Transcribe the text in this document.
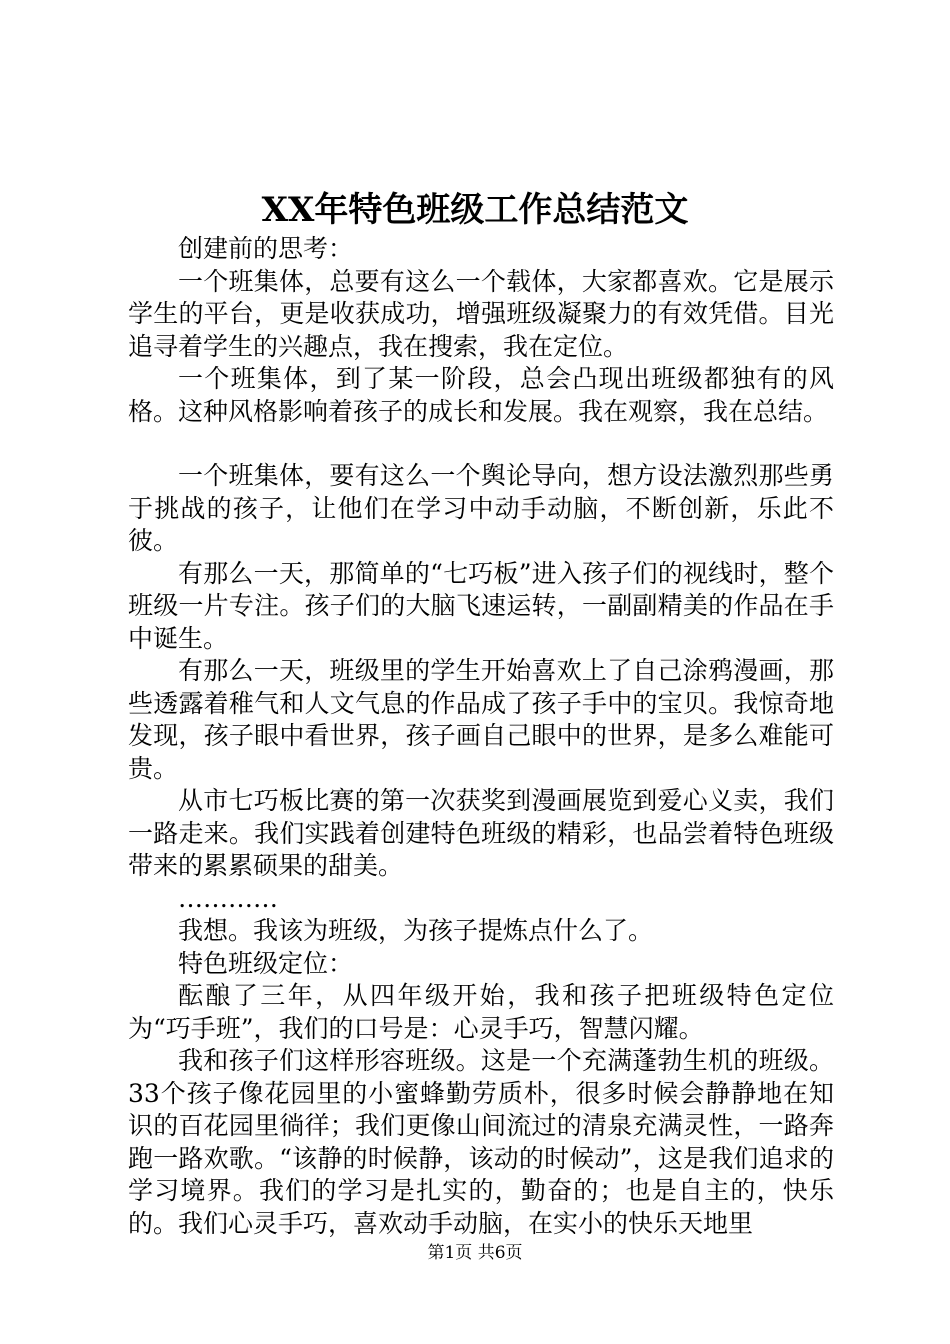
XX年特色班级工作总结范文

创建前的思考：

一个班集体，总要有这么一个载体，大家都喜欢。它是展示学生的平台，更是收获成功，增强班级凝聚力的有效凭借。目光追寻着学生的兴趣点，我在搜索，我在定位。

一个班集体，到了某一阶段，总会凸现出班级都独有的风格。这种风格影响着孩子的成长和发展。我在观察，我在总结。

一个班集体，要有这么一个舆论导向，想方设法激烈那些勇于挑战的孩子，让他们在学习中动手动脑，不断创新，乐此不彼。

有那么一天，那简单的“七巧板”进入孩子们的视线时，整个班级一片专注。孩子们的大脑飞速运转，一副副精美的作品在手中诞生。

有那么一天，班级里的学生开始喜欢上了自己涂鸦漫画，那些透露着稚气和人文气息的作品成了孩子手中的宝贝。我惊奇地发现，孩子眼中看世界，孩子画自己眼中的世界，是多么难能可贵。

从市七巧板比赛的第一次获奖到漫画展览到爱心义卖，我们一路走来。我们实践着创建特色班级的精彩，也品尝着特色班级带来的累累硕果的甜美。

…………

我想。我该为班级，为孩子提炼点什么了。

特色班级定位：

酝酿了三年，从四年级开始，我和孩子把班级特色定位为“巧手班”，我们的口号是：心灵手巧，智慧闪耀。

我和孩子们这样形容班级。这是一个充满蓬勃生机的班级。33个孩子像花园里的小蜜蜂勤劳质朴，很多时候会静静地在知识的百花园里徜徉；我们更像山间流过的清泉充满灵性，一路奔跑一路欢歌。“该静的时候静，该动的时候动”，这是我们追求的学习境界。我们的学习是扎实的，勤奋的；也是自主的，快乐的。我们心灵手巧，喜欢动手动脑，在实小的快乐天地里

第1页 共6页
